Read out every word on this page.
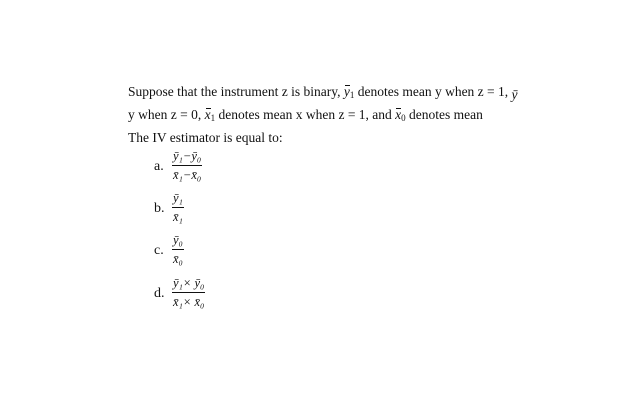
Suppose that the instrument z is binary, $y_1$ denotes mean y when z = 1, ȳ
y when z = 0, $x_1$ denotes mean x when z = 1, and $x_0$ denotes mean
The IV estimator is equal to:
a.
ȳ₁−ȳ₀
x̄₁−x̄₀
b.
ȳ₁
x̄₁
c.
ȳ₀
x̄₀
d.
ȳ₁× ȳ₀
x̄₁× x̄₀
